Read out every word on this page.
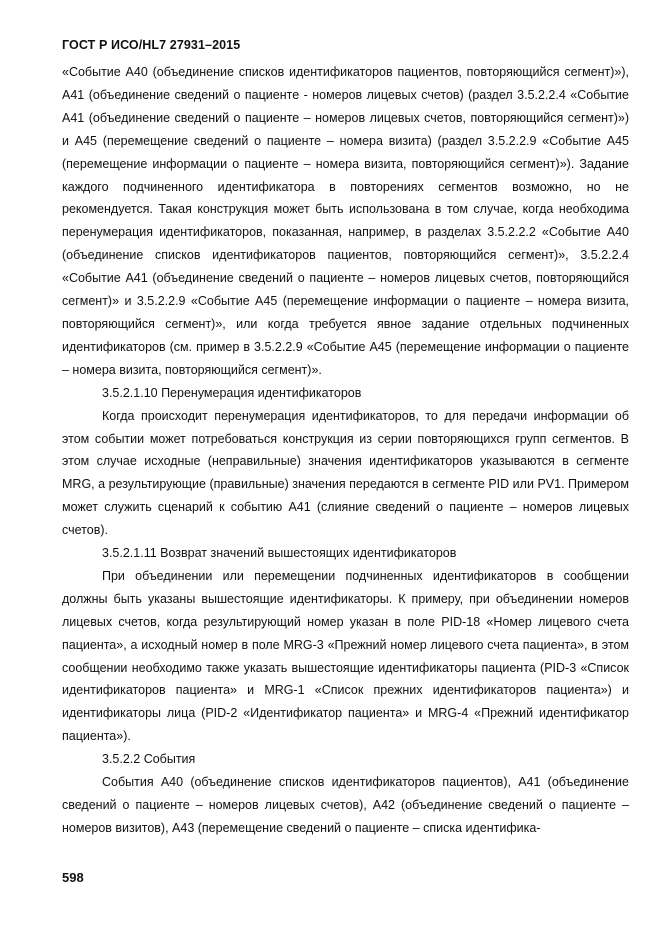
ГОСТ Р ИСО/HL7 27931–2015

«Событие А40 (объединение списков идентификаторов пациентов, повторяющийся сегмент)»), А41 (объединение сведений о пациенте - номеров лицевых счетов) (раздел 3.5.2.2.4 «Событие А41 (объединение сведений о пациенте – номеров лицевых счетов, повторяющийся сегмент)») и А45 (перемещение сведений о пациенте – номера визита) (раздел 3.5.2.2.9 «Событие А45 (перемещение информации о пациенте – номера визита, повторяющийся сегмент)»). Задание каждого подчиненного идентификатора в повторениях сегментов возможно, но не рекомендуется. Такая конструкция может быть использована в том случае, когда необходима перенумерация идентификаторов, показанная, например, в разделах 3.5.2.2.2 «Событие А40 (объединение списков идентификаторов пациентов, повторяющийся сегмент)», 3.5.2.2.4 «Событие А41 (объединение сведений о пациенте – номеров лицевых счетов, повторяющийся сегмент)» и 3.5.2.2.9 «Событие А45 (перемещение информации о пациенте – номера визита, повторяющийся сегмент)», или когда требуется явное задание отдельных подчиненных идентификаторов (см. пример в 3.5.2.2.9 «Событие А45 (перемещение информации о пациенте – номера визита, повторяющийся сегмент)».

3.5.2.1.10 Перенумерация идентификаторов

Когда происходит перенумерация идентификаторов, то для передачи информации об этом событии может потребоваться конструкция из серии повторяющихся групп сегментов. В этом случае исходные (неправильные) значения идентификаторов указываются в сегменте MRG, а результирующие (правильные) значения передаются в сегменте PID или PV1. Примером может служить сценарий к событию А41 (слияние сведений о пациенте – номеров лицевых счетов).

3.5.2.1.11 Возврат значений вышестоящих идентификаторов

При объединении или перемещении подчиненных идентификаторов в сообщении должны быть указаны вышестоящие идентификаторы. К примеру, при объединении номеров лицевых счетов, когда результирующий номер указан в поле PID-18 «Номер лицевого счета пациента», а исходный номер в поле MRG-3 «Прежний номер лицевого счета пациента», в этом сообщении необходимо также указать вышестоящие идентификаторы пациента (PID-3 «Список идентификаторов пациента» и MRG-1 «Список прежних идентификаторов пациента») и идентификаторы лица (PID-2 «Идентификатор пациента» и MRG-4 «Прежний идентификатор пациента»).

3.5.2.2 События

События А40 (объединение списков идентификаторов пациентов), А41 (объединение сведений о пациенте – номеров лицевых счетов), А42 (объединение сведений о пациенте – номеров визитов), А43 (перемещение сведений о пациенте – списка идентифика-

598
